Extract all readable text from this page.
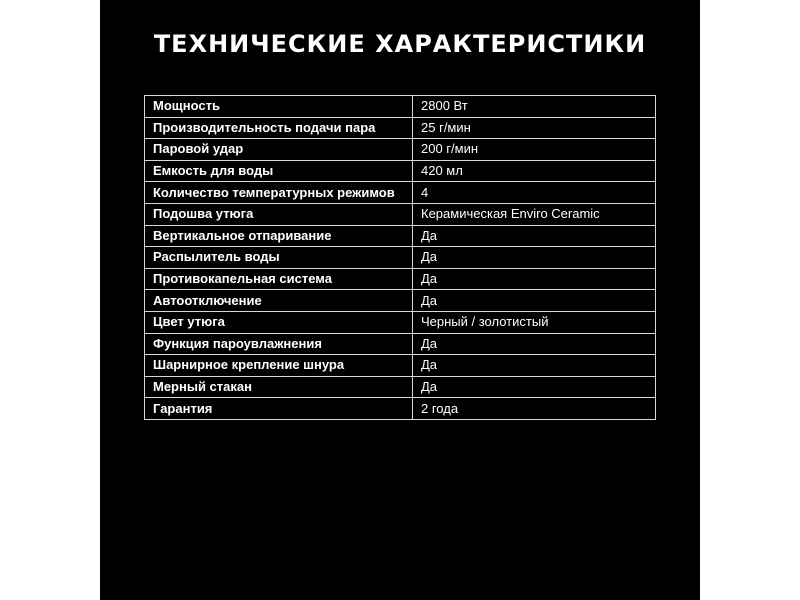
ТЕХНИЧЕСКИЕ ХАРАКТЕРИСТИКИ
Мощность	2800 Вт
Производительность подачи пара	25 г/мин
Паровой удар	200 г/мин
Емкость для воды	420 мл
Количество температурных режимов	4
Подошва утюга	Керамическая Enviro Ceramic
Вертикальное отпаривание	Да
Распылитель воды	Да
Противокапельная система	Да
Автоотключение	Да
Цвет утюга	Черный / золотистый
Функция пароувлажнения	Да
Шарнирное крепление шнура	Да
Мерный стакан	Да
Гарантия	2 года
